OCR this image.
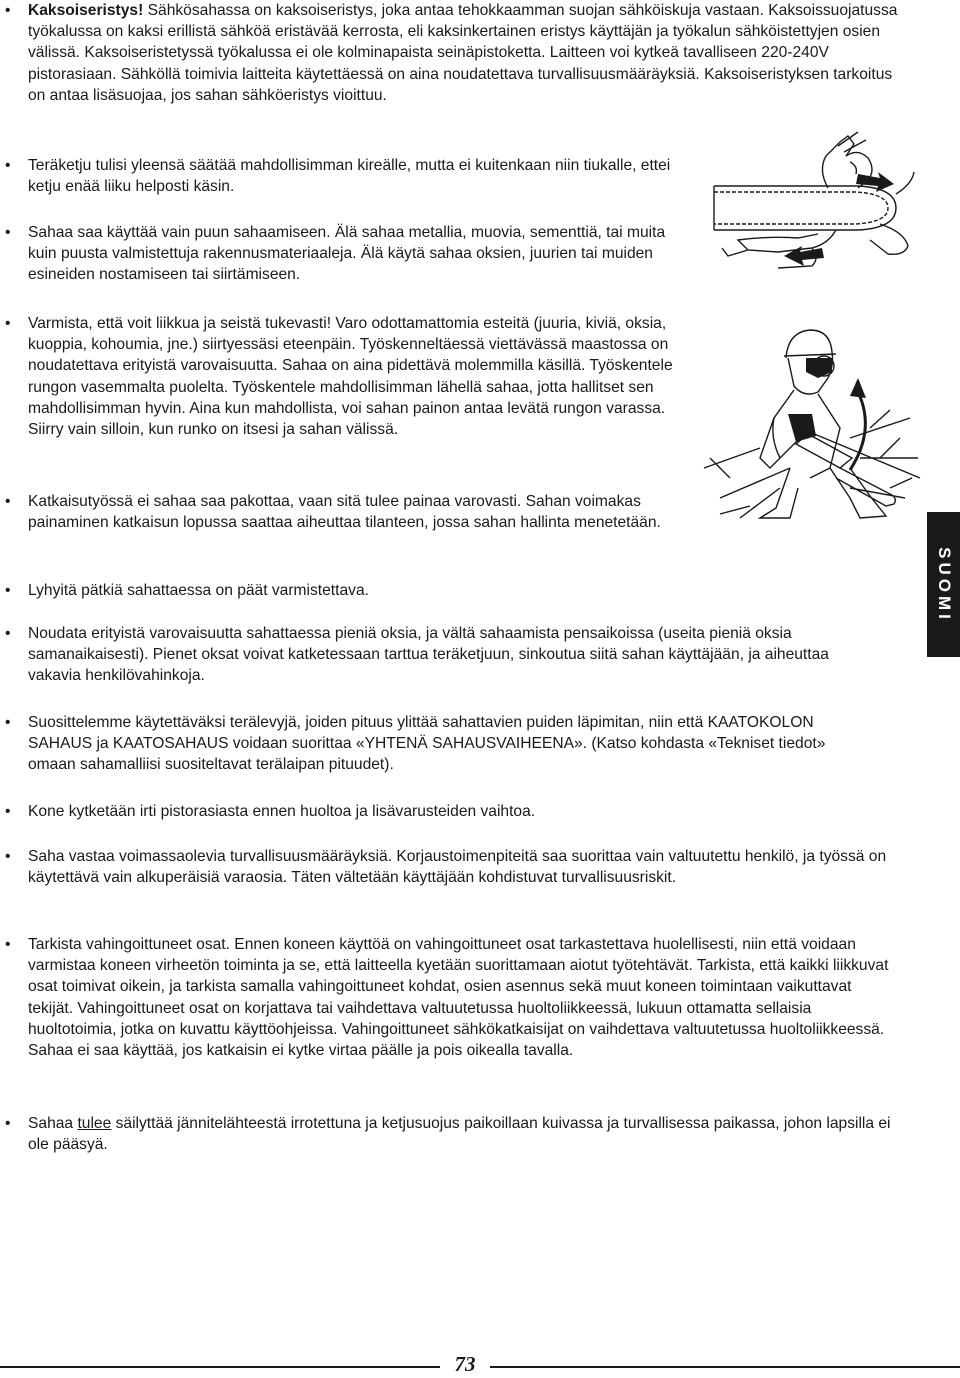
• Kaksoiseristys! Sähkösahassa on kaksoiseristys, joka antaa tehokkaamman suojan sähköiskuja vastaan. Kaksoissuojatussa työkalussa on kaksi erillistä sähköä eristävää kerrosta, eli kaksinkertainen eristys käyttäjän ja työkalun sähköistettyjen osien välissä. Kaksoiseristetyssä työkalussa ei ole kolminapaista seinäpistoketta. Laitteen voi kytkeä tavalliseen 220-240V pistorasiaan. Sähköllä toimivia laitteita käytettäessä on aina noudatettava turvallisuusmääräyksiä. Kaksoiseristyksen tarkoitus on antaa lisäsuojaa, jos sahan sähköeristys vioittuu.
• Teräketju tulisi yleensä säätää mahdollisimman kireälle, mutta ei kuitenkaan niin tiukalle, ettei ketju enää liiku helposti käsin.
• Sahaa saa käyttää vain puun sahaamiseen. Älä sahaa metallia, muovia, sementtiä, tai muita kuin puusta valmistettuja rakennusmateriaaleja. Älä käytä sahaa oksien, juurien tai muiden esineiden nostamiseen tai siirtämiseen.
• Varmista, että voit liikkua ja seistä tukevasti! Varo odottamattomia esteitä (juuria, kiviä, oksia, kuoppia, kohoumia, jne.) siirtyessäsi eteenpäin. Työskenneltäessä viettävässä maastossa on noudatettava erityistä varovaisuutta. Sahaa on aina pidettävä molemmilla käsillä. Työskentele rungon vasemmalta puolelta. Työskentele mahdollisimman lähellä sahaa, jotta hallitset sen mahdollisimman hyvin. Aina kun mahdollista, voi sahan painon antaa levätä rungon varassa. Siirry vain silloin, kun runko on itsesi ja sahan välissä.
• Katkaisutyössä ei sahaa saa pakottaa, vaan sitä tulee painaa varovasti. Sahan voimakas painaminen katkaisun lopussa saattaa aiheuttaa tilanteen, jossa sahan hallinta menetetään.
• Lyhyitä pätkiä sahattaessa on päät varmistettava.
• Noudata erityistä varovaisuutta sahattaessa pieniä oksia, ja vältä sahaamista pensaikoissa (useita pieniä oksia samanaikaisesti). Pienet oksat voivat katketessaan tarttua teräketjuun, sinkoutua siitä sahan käyttäjään, ja aiheuttaa vakavia henkilövahinkoja.
• Suosittelemme käytettäväksi terälevyjä, joiden pituus ylittää sahattavien puiden läpimitan, niin että KAATOKOLON SAHAUS ja KAATOSAHAUS voidaan suorittaa «YHTENÄ SAHAUSVAIHEENA». (Katso kohdasta «Tekniset tiedot» omaan sahamalliisi suositeltavat terälaipan pituudet).
• Kone kytketään irti pistorasiasta ennen huoltoa ja lisävarusteiden vaihtoa.
• Saha vastaa voimassaolevia turvallisuusmääräyksiä. Korjaustoimenpiteitä saa suorittaa vain valtuutettu henkilö, ja työssä on käytettävä vain alkuperäisiä varaosia. Täten vältetään käyttäjään kohdistuvat turvallisuusriskit.
• Tarkista vahingoittuneet osat. Ennen koneen käyttöä on vahingoittuneet osat tarkastettava huolellisesti, niin että voidaan varmistaa koneen virheetön toiminta ja se, että laitteella kyetään suorittamaan aiotut työtehtävät. Tarkista, että kaikki liikkuvat osat toimivat oikein, ja tarkista samalla vahingoittuneet kohdat, osien asennus sekä muut koneen toimintaan vaikuttavat tekijät. Vahingoittuneet osat on korjattava tai vaihdettava valtuutetussa huoltoliikkeessä, lukuun ottamatta sellaisia huoltotoimia, jotka on kuvattu käyttöohjeissa. Vahingoittuneet sähkökatkaisijat on vaihdettava valtuutetussa huoltoliikkeessä. Sahaa ei saa käyttää, jos katkaisin ei kytke virtaa päälle ja pois oikealla tavalla.
• Sahaa tulee säilyttää jännitelähteestä irrotettuna ja ketjusuojus paikoillaan kuivassa ja turvallisessa paikassa, johon lapsilla ei ole pääsyä.
SUOMI
73
